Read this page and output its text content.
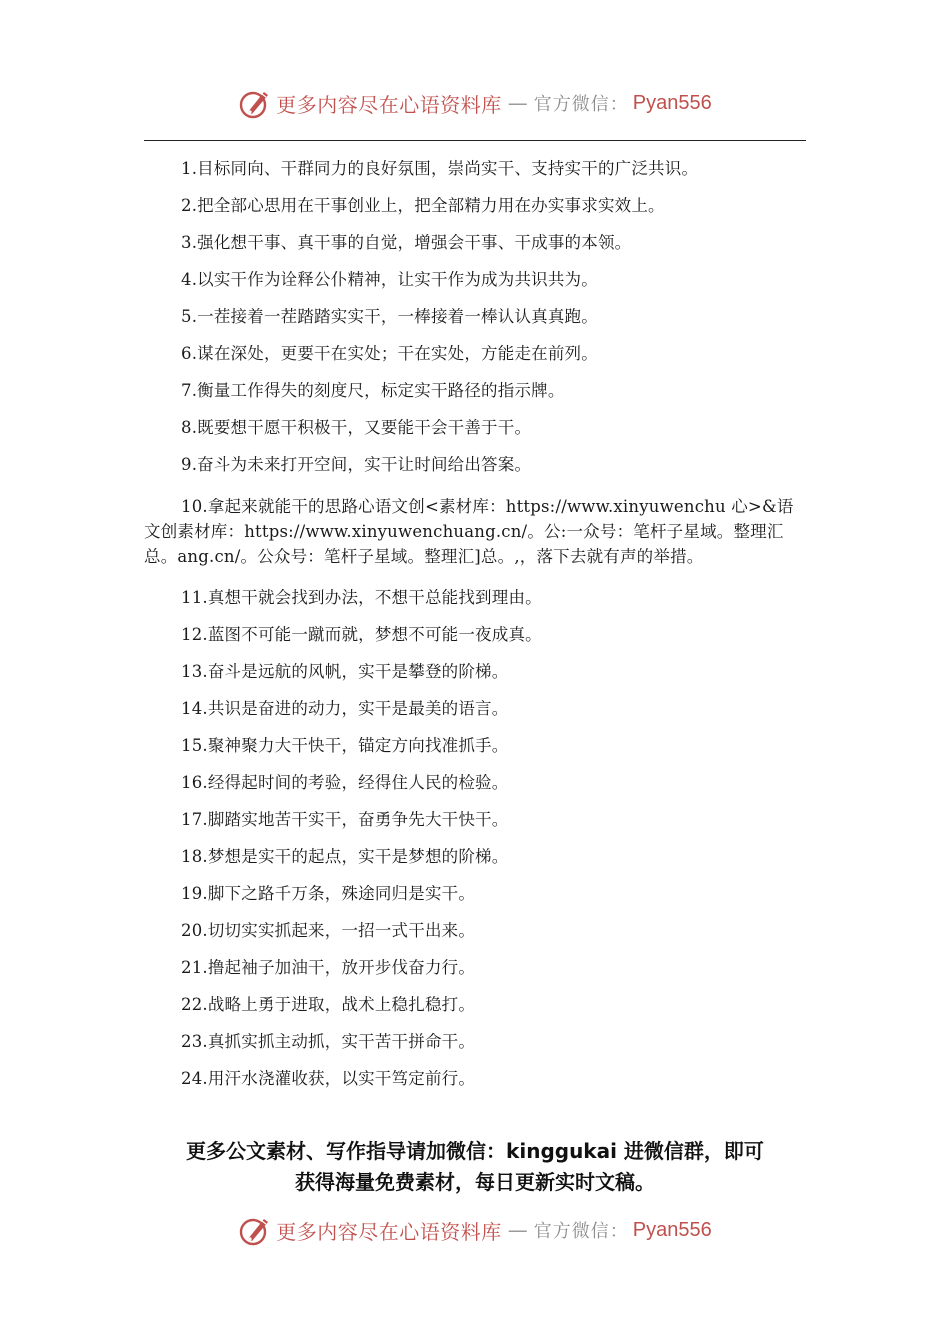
更多内容尽在心语资料库 — 官方微信： Pyan556
1.目标同向、干群同力的良好氛围，崇尚实干、支持实干的广泛共识。
2.把全部心思用在干事创业上，把全部精力用在办实事求实效上。
3.强化想干事、真干事的自觉，增强会干事、干成事的本领。
4.以实干作为诠释公仆精神，让实干作为成为共识共为。
5.一茬接着一茬踏踏实实干，一棒接着一棒认认真真跑。
6.谋在深处，更要干在实处；干在实处，方能走在前列。
7.衡量工作得失的刻度尺，标定实干路径的指示牌。
8.既要想干愿干积极干，又要能干会干善于干。
9.奋斗为未来打开空间，实干让时间给出答案。
10.拿起来就能干的思路心语文创<素材库：https://www.xinyuwenchu 心>&语文创素材库：https://www.xinyuwenchuang.cn/。公:一众号：笔杆子星域。整理汇总。ang.cn/。公众号：笔杆子星域。整理汇]总。,，落下去就有声的举措。
11.真想干就会找到办法，不想干总能找到理由。
12.蓝图不可能一蹴而就，梦想不可能一夜成真。
13.奋斗是远航的风帆，实干是攀登的阶梯。
14.共识是奋进的动力，实干是最美的语言。
15.聚神聚力大干快干，锚定方向找准抓手。
16.经得起时间的考验，经得住人民的检验。
17.脚踏实地苦干实干，奋勇争先大干快干。
18.梦想是实干的起点，实干是梦想的阶梯。
19.脚下之路千万条，殊途同归是实干。
20.切切实实抓起来，一招一式干出来。
21.撸起袖子加油干，放开步伐奋力行。
22.战略上勇于进取，战术上稳扎稳打。
23.真抓实抓主动抓，实干苦干拼命干。
24.用汗水浇灌收获，以实干笃定前行。
更多公文素材、写作指导请加微信：kinggukai 进微信群，即可
获得海量免费素材，每日更新实时文稿。
更多内容尽在心语资料库 — 官方微信： Pyan556
